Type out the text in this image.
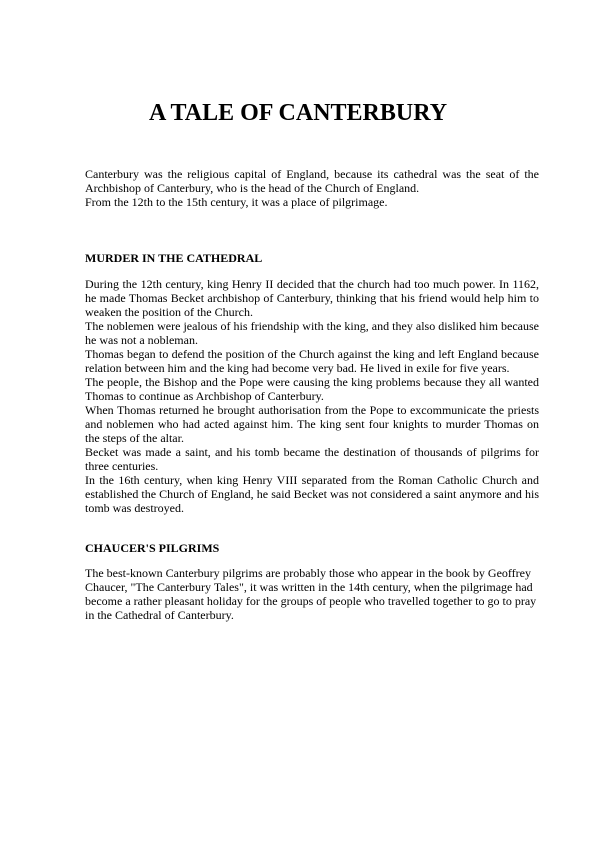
A TALE OF CANTERBURY

Canterbury was the religious capital of England, because its cathedral was the seat of the Archbishop of Canterbury, who is the head of the Church of England.

From the 12th to the 15th century, it was a place of pilgrimage.

MURDER IN THE CATHEDRAL

During the 12th century, king Henry II decided that the church had too much power. In 1162, he made Thomas Becket archbishop of Canterbury, thinking that his friend would help him to weaken the position of the Church.

The noblemen were jealous of his friendship with the king, and they also disliked him because he was not a nobleman.

Thomas began to defend the position of the Church against the king and left England because relation between him and the king had become very bad. He lived in exile for five years.

The people, the Bishop and the Pope were causing the king problems because they all wanted Thomas to continue as Archbishop of Canterbury.

When Thomas returned he brought authorisation from the Pope to excommunicate the priests and noblemen who had acted against him. The king sent four knights to murder Thomas on the steps of the altar.

Becket was made a saint, and his tomb became the destination of thousands of pilgrims for three centuries.

In the 16th century, when king Henry VIII separated from the Roman Catholic Church and established the Church of England, he said Becket was not considered a saint anymore and his tomb was destroyed.

CHAUCER'S PILGRIMS

The best-known Canterbury pilgrims are probably those who appear in the book by Geoffrey Chaucer, "The Canterbury Tales", it was written in the 14th century, when the pilgrimage had become a rather pleasant holiday for the groups of people who travelled together to go to pray in the Cathedral of Canterbury.
